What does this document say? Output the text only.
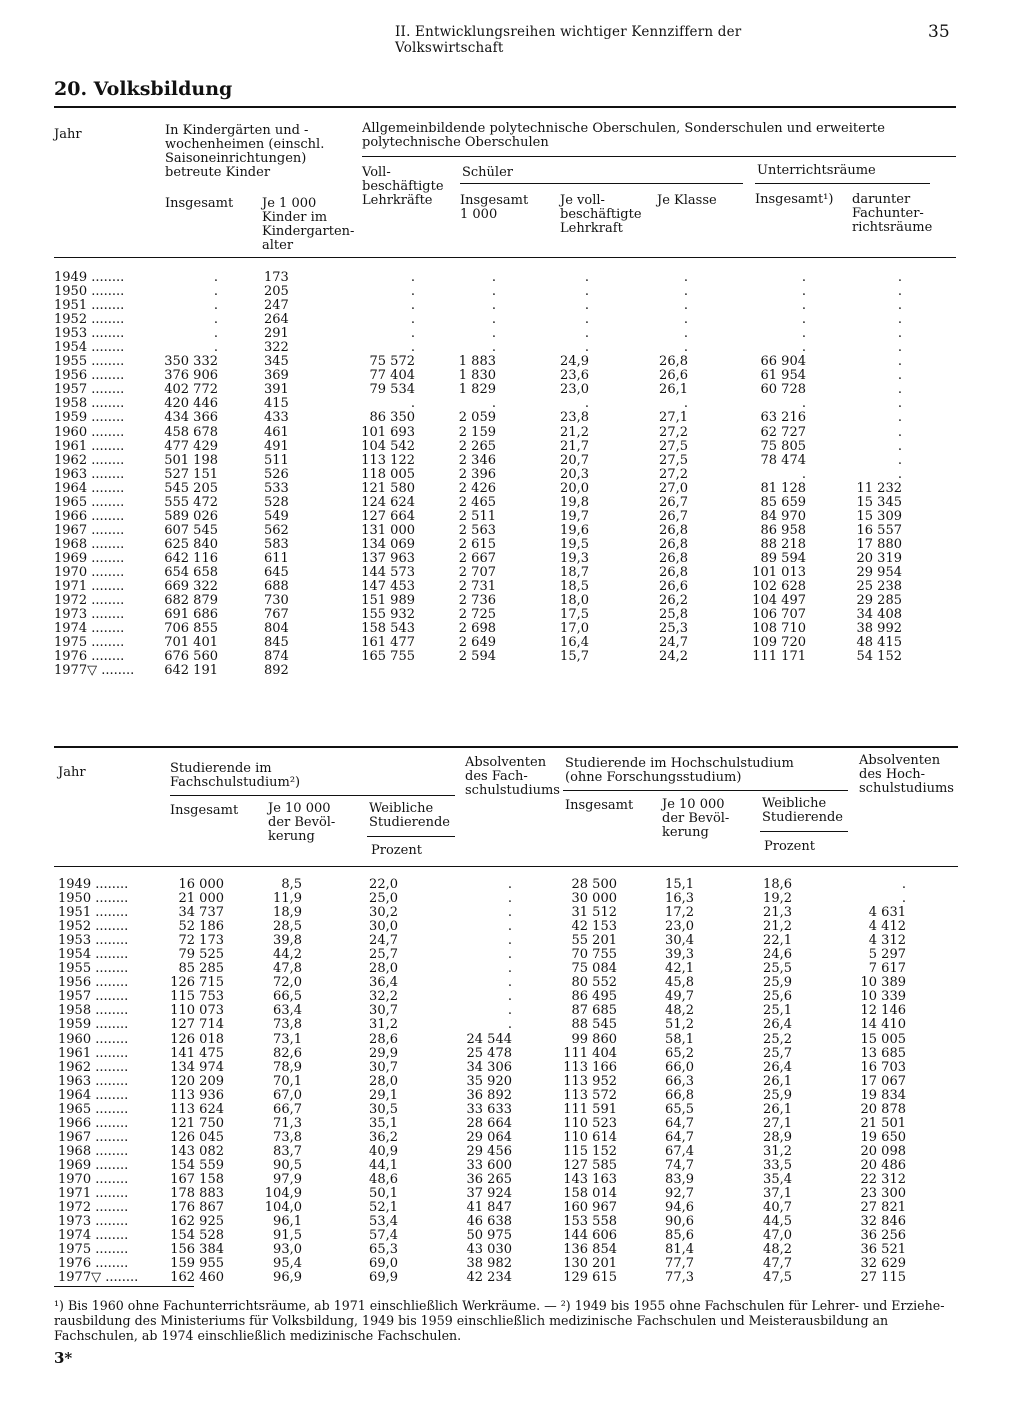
II. Entwicklungsreihen wichtiger Kennziffern der Volkswirtschaft
35
20. Volksbildung
Jahr	In Kindergärten und -wochenheimen (einschl. Saisoneinrichtungen) betreute Kinder
Insgesamt Je 1 000 Kinder im Kindergarten-alter
Allgemeinbildende polytechnische Oberschulen, Sonderschulen und erweiterte polytechnische Oberschulen
Voll-beschäftigte Lehrkräfte
Schüler
Insgesamt 1 000
Je voll-beschäftigte Lehrkraft
Je Klasse
Unterrichtsräume
Insgesamt¹) darunter Fachunter-richtsräume
1949 ........
1950 ........
1951 ........
1952 ........
1953 ........
1954 ........
1955 ........
1956 ........
1957 ........
1958 ........
1959 ........
1960 ........
1961 ........
1962 ........
1963 ........
1964 ........
1965 ........
1966 ........
1967 ........
1968 ........
1969 ........
1970 ........
1971 ........
1972 ........
1973 ........
1974 ........
1975 ........
1976 ........
1977▽ ........
.
.
.
.
.
.
350 332
376 906
402 772
420 446
434 366
458 678
477 429
501 198
527 151
545 205
555 472
589 026
607 545
625 840
642 116
654 658
669 322
682 879
691 686
706 855
701 401
676 560
642 191
173
205
247
264
291
322
345
369
391
415
433
461
491
511
526
533
528
549
562
583
611
645
688
730
767
804
845
874
892
.
.
.
.
.
.
75 572
77 404
79 534
.
86 350
101 693
104 542
113 122
118 005
121 580
124 624
127 664
131 000
134 069
137 963
144 573
147 453
151 989
155 932
158 543
161 477
165 755
.
.
.
.
.
.
1 883
1 830
1 829
.
2 059
2 159
2 265
2 346
2 396
2 426
2 465
2 511
2 563
2 615
2 667
2 707
2 731
2 736
2 725
2 698
2 649
2 594
.
.
.
.
.
.
24,9
23,6
23,0
.
23,8
21,2
21,7
20,7
20,3
20,0
19,8
19,7
19,6
19,5
19,3
18,7
18,5
18,0
17,5
17,0
16,4
15,7
.
.
.
.
.
.
26,8
26,6
26,1
.
27,1
27,2
27,5
27,5
27,2
27,0
26,7
26,7
26,8
26,8
26,8
26,8
26,6
26,2
25,8
25,3
24,7
24,2
.
.
.
.
.
.
66 904
61 954
60 728
.
63 216
62 727
75 805
78 474
.
81 128
85 659
84 970
86 958
88 218
89 594
101 013
102 628
104 497
106 707
108 710
109 720
111 171
.
.
.
.
.
.
.
.
.
.
.
.
.
.
.
11 232
15 345
15 309
16 557
17 880
20 319
29 954
25 238
29 285
34 408
38 992
48 415
54 152
Jahr	Studierende im Fachschulstudium²)
Insgesamt Je 10 000 der Bevöl-kerung
Weibliche Studierende
Prozent
Absolventen des Fach-schulstudiums
Studierende im Hochschulstudium (ohne Forschungsstudium)
Insgesamt Je 10 000 der Bevöl-kerung
Weibliche Studierende
Prozent
Absolventen des Hoch-schulstudiums
1949 ........
1950 ........
1951 ........
1952 ........
1953 ........
1954 ........
1955 ........
1956 ........
1957 ........
1958 ........
1959 ........
1960 ........
1961 ........
1962 ........
1963 ........
1964 ........
1965 ........
1966 ........
1967 ........
1968 ........
1969 ........
1970 ........
1971 ........
1972 ........
1973 ........
1974 ........
1975 ........
1976 ........
1977▽ ........
16 000
21 000
34 737
52 186
72 173
79 525
85 285
126 715
115 753
110 073
127 714
126 018
141 475
134 974
120 209
113 936
113 624
121 750
126 045
143 082
154 559
167 158
178 883
176 867
162 925
154 528
156 384
159 955
162 460
8,5
11,9
18,9
28,5
39,8
44,2
47,8
72,0
66,5
63,4
73,8
73,1
82,6
78,9
70,1
67,0
66,7
71,3
73,8
83,7
90,5
97,9
104,9
104,0
96,1
91,5
93,0
95,4
96,9
22,0
25,0
30,2
30,0
24,7
25,7
28,0
36,4
32,2
30,7
31,2
28,6
29,9
30,7
28,0
29,1
30,5
35,1
36,2
40,9
44,1
48,6
50,1
52,1
53,4
57,4
65,3
69,0
69,9
.
.
.
.
.
.
.
.
.
.
.
24 544
25 478
34 306
35 920
36 892
33 633
28 664
29 064
29 456
33 600
36 265
37 924
41 847
46 638
50 975
43 030
38 982
42 234
28 500
30 000
31 512
42 153
55 201
70 755
75 084
80 552
86 495
87 685
88 545
99 860
111 404
113 166
113 952
113 572
111 591
110 523
110 614
115 152
127 585
143 163
158 014
160 967
153 558
144 606
136 854
130 201
129 615
15,1
16,3
17,2
23,0
30,4
39,3
42,1
45,8
49,7
48,2
51,2
58,1
65,2
66,0
66,3
66,8
65,5
64,7
64,7
67,4
74,7
83,9
92,7
94,6
90,6
85,6
81,4
77,7
77,3
18,6
19,2
21,3
21,2
22,1
24,6
25,5
25,9
25,6
25,1
26,4
25,2
25,7
26,4
26,1
25,9
26,1
27,1
28,9
31,2
33,5
35,4
37,1
40,7
44,5
47,0
48,2
47,7
47,5
.
.
4 631
4 412
4 312
5 297
7 617
10 389
10 339
12 146
14 410
15 005
13 685
16 703
17 067
19 834
20 878
21 501
19 650
20 098
20 486
22 312
23 300
27 821
32 846
36 256
36 521
32 629
27 115
¹) Bis 1960 ohne Fachunterrichtsräume, ab 1971 einschließlich Werkräume. — ²) 1949 bis 1955 ohne Fachschulen für Lehrer- und Erzieherausbildung des Ministeriums für Volksbildung, 1949 bis 1959 einschließlich medizinische Fachschulen und Meisterausbildung an Fachschulen, ab 1974 einschließlich medizinische Fachschulen.
3*
